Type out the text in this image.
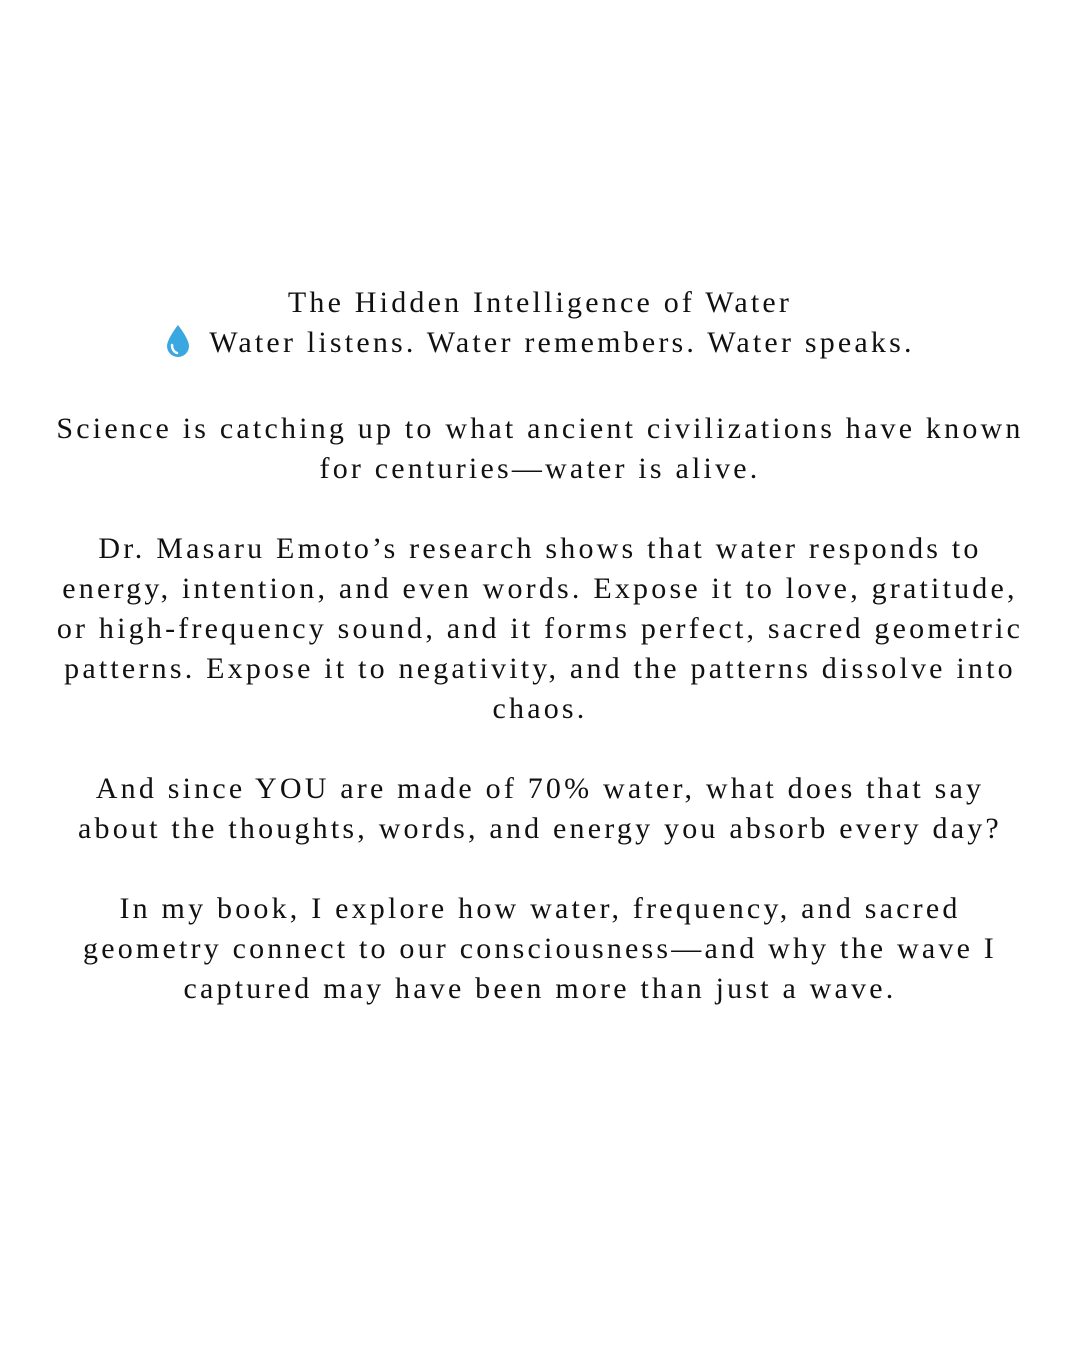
The Hidden Intelligence of Water
Water listens. Water remembers. Water speaks.

Science is catching up to what ancient civilizations have known for centuries—water is alive.

Dr. Masaru Emoto’s research shows that water responds to energy, intention, and even words. Expose it to love, gratitude, or high-frequency sound, and it forms perfect, sacred geometric patterns. Expose it to negativity, and the patterns dissolve into chaos.

And since YOU are made of 70% water, what does that say about the thoughts, words, and energy you absorb every day?

In my book, I explore how water, frequency, and sacred geometry connect to our consciousness—and why the wave I captured may have been more than just a wave.
